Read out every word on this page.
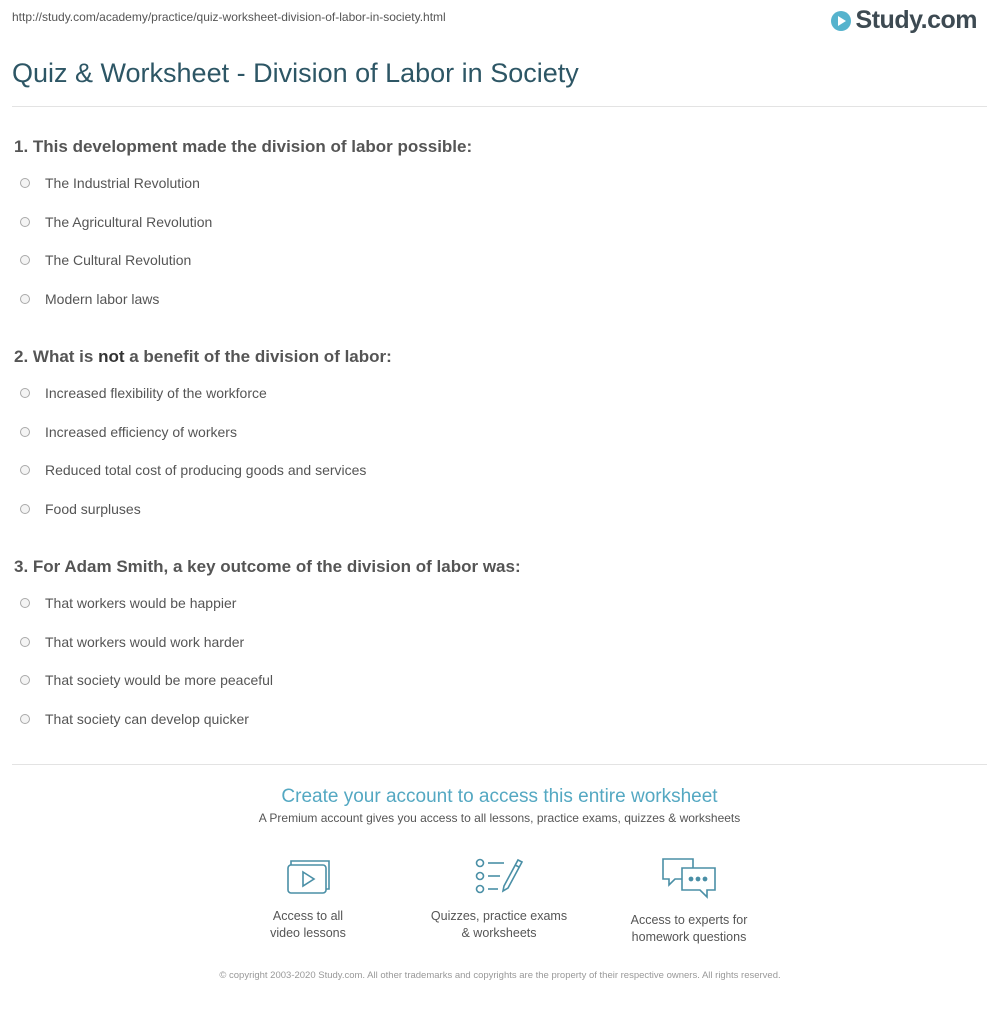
http://study.com/academy/practice/quiz-worksheet-division-of-labor-in-society.html	Study.com
Quiz & Worksheet - Division of Labor in Society

1. This development made the division of labor possible:

The Industrial Revolution
The Agricultural Revolution
The Cultural Revolution
Modern labor laws

2. What is not a benefit of the division of labor:

Increased flexibility of the workforce
Increased efficiency of workers
Reduced total cost of producing goods and services
Food surpluses

3. For Adam Smith, a key outcome of the division of labor was:

That workers would be happier
That workers would work harder
That society would be more peaceful
That society can develop quicker
Create your account to access this entire worksheet
A Premium account gives you access to all lessons, practice exams, quizzes & worksheets
Access to all
video lessons
Quizzes, practice exams
& worksheets
Access to experts for
homework questions
© copyright 2003-2020 Study.com. All other trademarks and copyrights are the property of their respective owners. All rights reserved.
